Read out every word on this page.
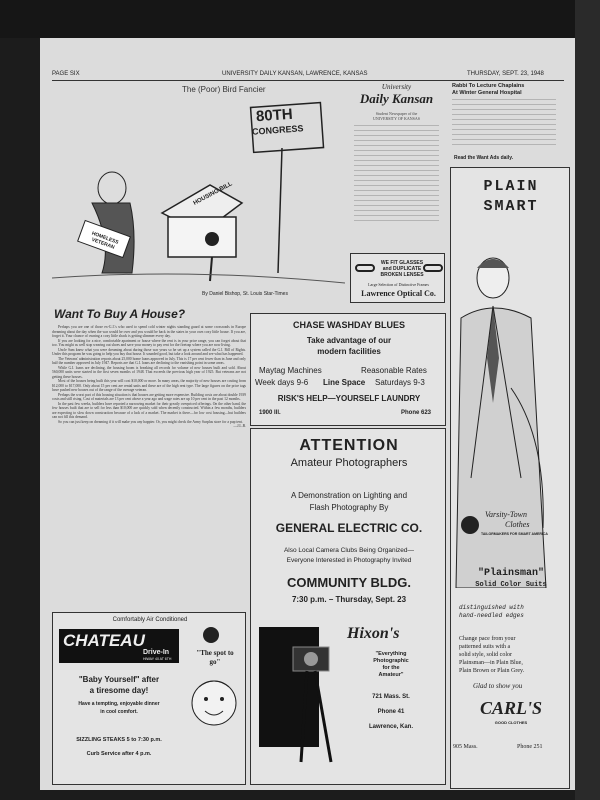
PAGE SIX	UNIVERSITY DAILY KANSAN, LAWRENCE, KANSAS	THURSDAY, SEPT. 23, 1948
The (Poor) Bird Fancier
80TH
CONGRESS
HOUSING BILL
HOMELESS VETERAN
By Daniel Bishop, St. Louis Star-Times
University
Daily Kansan
Student Newspaper of the
UNIVERSITY OF KANSAS
WE FIT GLASSES
and DUPLICATE
BROKEN LENSES
Large Selection of Distinctive Frames
Lawrence Optical Co.
Rabbi To Lecture Chaplains
At Winter General Hospital
Read the Want Ads daily.
PLAIN
SMART
Varsity-Town
Clothes
TAILORMAKERS FOR SMART AMERICA
"Plainsman"
Solid Color Suits
distinguished with
hand-needled edges
Change pace from your
patterned suits with a
solid style, solid color
Plainsman—in Plain Blue,
Plain Brown or Plain Grey.
Glad to show you
CARL'S
GOOD CLOTHES
905 Mass.	Phone 251
Want To Buy A House?

Perhaps you are one of those ex-G.I.'s who used to spend cold winter nights standing guard at some crossroads in Europe dreaming about the day when the war would be over and you would be back in the states in your own cozy little house. If you are, forget it. Your chance of owning a cozy little shack is getting slimmer every day.

If you are looking for a nice, comfortable apartment or house where the rent is in your price range, you can forget about that too. You might as well stop wearing out shoes and save your money to pay rent for the firetrap where you are now living.

Uncle Sam knew what you were dreaming about during those war years so he set up a system called the G.I. Bill of Rights. Under this program he was going to help you buy that house. It sounded good, but take a look around and see what has happened.

The Veterans' administration reports about 25,000 home loans approved in July. This is 17 per cent fewer than in June and only half the number approved in July 1947. Reports are that G.I. loans are declining to the vanishing point in some areas.

While G.I. loans are declining, the housing boom is breaking all records for volume of new houses built and sold. About 560,000 units were started in the first seven months of 1948. That exceeds the previous high year of 1925. But veterans are not getting these houses.

Most of the houses being built this year will cost $10,000 or more. In many areas, the majority of new houses are costing from $12,000 to $17,000. Only about 15 per cent are rental units and these are of the high rent type. The large figures on the price tags have pushed new houses out of the range of the average veteran.

Perhaps the worst part of this housing situation is that houses are getting more expensive. Building costs are about double 1939 costs and still rising. Cost of materials are 13 per cent above a year ago and wage rates are up 10 per cent in the past 12 months.

In the past few weeks, builders have reported a narrowing market for their greatly overpriced offerings. On the other hand, the few houses built that are to sell for less than $10,000 are quickly sold when decently constructed. Within a few months, builders are expecting to slow down construction because of a lack of a market. The market is there—for low cost housing—but builders can not fill this demand.

So you can just keep on dreaming if it will make you any happier. Or, you might check the Army Surplus store for a pup tent.

—J.L.B.

CHASE WASHDAY BLUES
Take advantage of our
modern facilities
Maytag Machines	Reasonable Rates
Week days 9-6 Line Space Saturdays 9-3
RISK'S HELP—YOURSELF LAUNDRY
1900 Ill.	Phone 623
ATTENTION
Amateur Photographers
A Demonstration on Lighting and
Flash Photography By
GENERAL ELECTRIC CO.
Also Local Camera Clubs Being Organized—
Everyone Interested in Photography Invited
COMMUNITY BLDG.
7:30 p.m. – Thursday, Sept. 23
Hixon's
"Everything
Photographic
for the
Amateur"
721 Mass. St.
Phone 41
Lawrence, Kan.
Comfortably Air Conditioned
CHATEAU
Drive-In
HIWAY 40 AT 6TH
"The spot to
go"
"Baby Yourself" after
a tiresome day!
Have a tempting, enjoyable dinner
in cool comfort.
SIZZLING STEAKS 5 to 7:30 p.m.
Curb Service after 4 p.m.
